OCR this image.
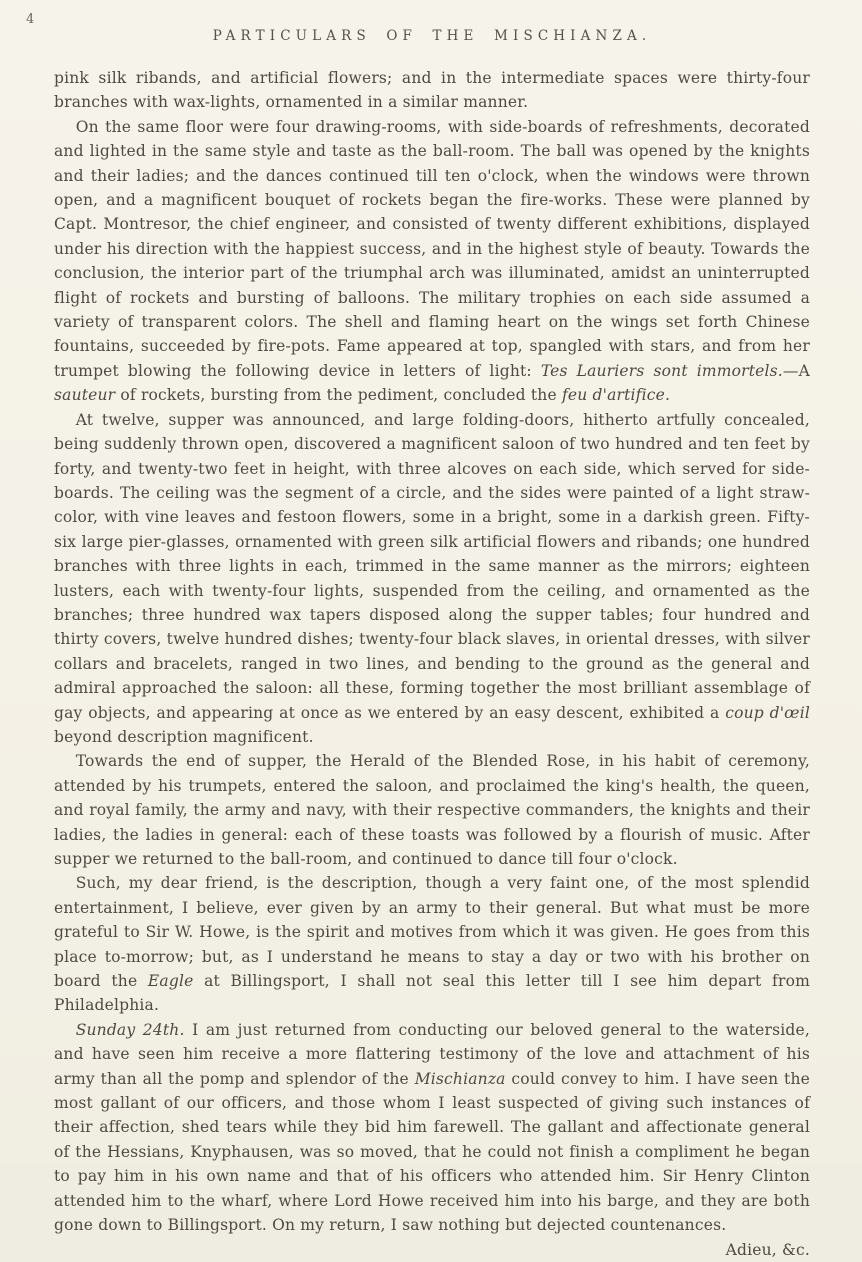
4
PARTICULARS OF THE MISCHIANZA.

pink silk ribands, and artificial flowers; and in the intermediate spaces were thirty-four branches with wax-lights, ornamented in a similar manner.

On the same floor were four drawing-rooms, with side-boards of refreshments, decorated and lighted in the same style and taste as the ball-room. The ball was opened by the knights and their ladies; and the dances continued till ten o'clock, when the windows were thrown open, and a magnificent bouquet of rockets began the fire-works. These were planned by Capt. Montresor, the chief engineer, and consisted of twenty different exhibitions, displayed under his direction with the happiest success, and in the highest style of beauty. Towards the conclusion, the interior part of the triumphal arch was illuminated, amidst an uninterrupted flight of rockets and bursting of balloons. The military trophies on each side assumed a variety of transparent colors. The shell and flaming heart on the wings set forth Chinese fountains, succeeded by fire-pots. Fame appeared at top, spangled with stars, and from her trumpet blowing the following device in letters of light: Tes Lauriers sont immortels.—A sauteur of rockets, bursting from the pediment, concluded the feu d'artifice.

At twelve, supper was announced, and large folding-doors, hitherto artfully concealed, being suddenly thrown open, discovered a magnificent saloon of two hundred and ten feet by forty, and twenty-two feet in height, with three alcoves on each side, which served for side-boards. The ceiling was the segment of a circle, and the sides were painted of a light straw-color, with vine leaves and festoon flowers, some in a bright, some in a darkish green. Fifty-six large pier-glasses, ornamented with green silk artificial flowers and ribands; one hundred branches with three lights in each, trimmed in the same manner as the mirrors; eighteen lusters, each with twenty-four lights, suspended from the ceiling, and ornamented as the branches; three hundred wax tapers disposed along the supper tables; four hundred and thirty covers, twelve hundred dishes; twenty-four black slaves, in oriental dresses, with silver collars and bracelets, ranged in two lines, and bending to the ground as the general and admiral approached the saloon: all these, forming together the most brilliant assemblage of gay objects, and appearing at once as we entered by an easy descent, exhibited a coup d'œil beyond description magnificent.

Towards the end of supper, the Herald of the Blended Rose, in his habit of ceremony, attended by his trumpets, entered the saloon, and proclaimed the king's health, the queen, and royal family, the army and navy, with their respective commanders, the knights and their ladies, the ladies in general: each of these toasts was followed by a flourish of music. After supper we returned to the ball-room, and continued to dance till four o'clock.

Such, my dear friend, is the description, though a very faint one, of the most splendid entertainment, I believe, ever given by an army to their general. But what must be more grateful to Sir W. Howe, is the spirit and motives from which it was given. He goes from this place to-morrow; but, as I understand he means to stay a day or two with his brother on board the Eagle at Billingsport, I shall not seal this letter till I see him depart from Philadelphia.

Sunday 24th. I am just returned from conducting our beloved general to the waterside, and have seen him receive a more flattering testimony of the love and attachment of his army than all the pomp and splendor of the Mischianza could convey to him. I have seen the most gallant of our officers, and those whom I least suspected of giving such instances of their affection, shed tears while they bid him farewell. The gallant and affectionate general of the Hessians, Knyphausen, was so moved, that he could not finish a compliment he began to pay him in his own name and that of his officers who attended him. Sir Henry Clinton attended him to the wharf, where Lord Howe received him into his barge, and they are both gone down to Billingsport. On my return, I saw nothing but dejected countenances.
Adieu, &c.
